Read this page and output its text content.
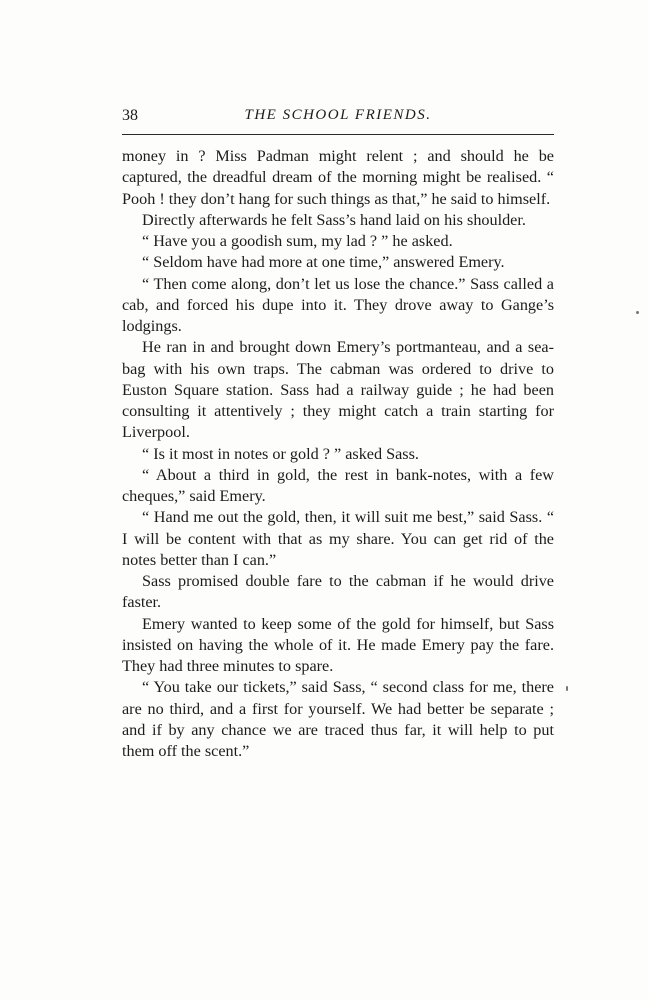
38	THE SCHOOL FRIENDS.

money in ? Miss Padman might relent ; and should he be captured, the dreadful dream of the morning might be realised. “ Pooh ! they don’t hang for such things as that,” he said to himself.

Directly afterwards he felt Sass’s hand laid on his shoulder.

“ Have you a goodish sum, my lad ? ” he asked.

“ Seldom have had more at one time,” answered Emery.

“ Then come along, don’t let us lose the chance.” Sass called a cab, and forced his dupe into it. They drove away to Gange’s lodgings.

He ran in and brought down Emery’s portmanteau, and a sea-bag with his own traps. The cabman was ordered to drive to Euston Square station. Sass had a railway guide ; he had been consulting it attentively ; they might catch a train starting for Liverpool.

“ Is it most in notes or gold ? ” asked Sass.

“ About a third in gold, the rest in bank-notes, with a few cheques,” said Emery.

“ Hand me out the gold, then, it will suit me best,” said Sass. “ I will be content with that as my share. You can get rid of the notes better than I can.”

Sass promised double fare to the cabman if he would drive faster.

Emery wanted to keep some of the gold for himself, but Sass insisted on having the whole of it. He made Emery pay the fare. They had three minutes to spare.

“ You take our tickets,” said Sass, “ second class for me, there are no third, and a first for yourself. We had better be separate ; and if by any chance we are traced thus far, it will help to put them off the scent.”
